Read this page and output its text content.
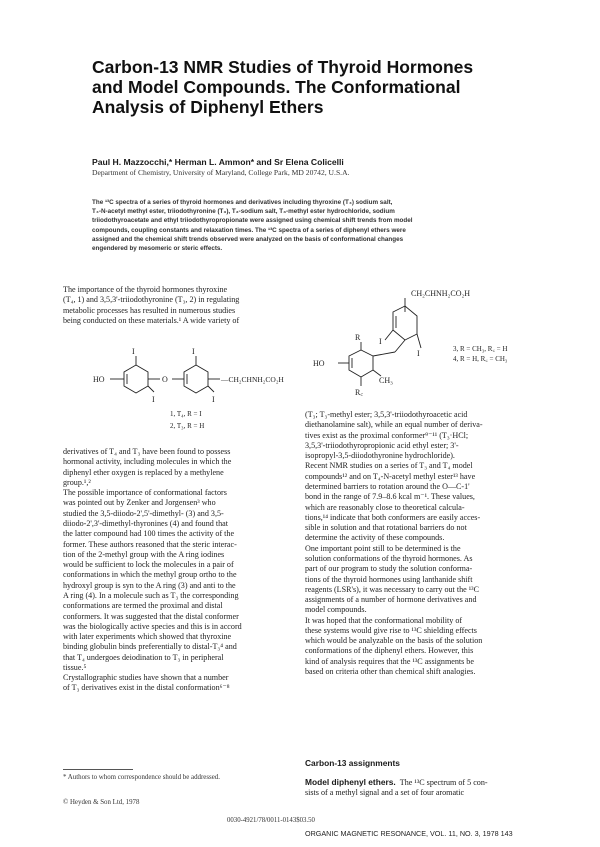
Carbon-13 NMR Studies of Thyroid Hormones
and Model Compounds. The Conformational
Analysis of Diphenyl Ethers
Paul H. Mazzocchi,* Herman L. Ammon* and Sr Elena Colicelli
Department of Chemistry, University of Maryland, College Park, MD 20742, U.S.A.
The ¹³C spectra of a series of thyroid hormones and derivatives including thyroxine (T₄) sodium salt,
T₄-N-acetyl methyl ester, triiodothyronine (T₃), T₃-sodium salt, T₃-methyl ester hydrochloride, sodium
triiodothyroacetate and ethyl triiodothyropropionate were assigned using chemical shift trends from model
compounds, coupling constants and relaxation times. The ¹³C spectra of a series of diphenyl ethers were
assigned and the chemical shift trends observed were analyzed on the basis of conformational changes
engendered by mesomeric or steric effects.
The importance of the thyroid hormones thyroxine
(T₄, 1) and 3,5,3'-triiodothyronine (T₃, 2) in regulating
metabolic processes has resulted in numerous studies
being conducted on these materials.¹ A wide variety of
I	I
I	I
HO	O	—CH₂CHNH₂CO₂H
1, T₄, R = I
2, T₃, R = H
derivatives of T₄ and T₃ have been found to possess
hormonal activity, including molecules in which the
diphenyl ether oxygen is replaced by a methylene
group.¹,²
The possible importance of conformational factors
was pointed out by Zenker and Jorgensen³ who
studied the 3,5-diiodo-2',5'-dimethyl- (3) and 3,5-
diiodo-2',3'-dimethyl-thyronines (4) and found that
the latter compound had 100 times the activity of the
former. These authors reasoned that the steric interac-
tion of the 2-methyl group with the A ring iodines
would be sufficient to lock the molecules in a pair of
conformations in which the methyl group ortho to the
hydroxyl group is syn to the A ring (3) and anti to the
A ring (4). In a molecule such as T₃ the corresponding
conformations are termed the proximal and distal
conformers. It was suggested that the distal conformer
was the biologically active species and this is in accord
with later experiments which showed that thyroxine
binding globulin binds preferentially to distal-T₃⁴ and
that T₄ undergoes deiodination to T₃ in peripheral
tissue.⁵
Crystallographic studies have shown that a number
of T₃ derivatives exist in the distal conformation⁶⁻⁸
CH₂CHNH₂CO₂H
I
I
R
HO
CH₃
R꜀
3, R = CH₃, R꜀ = H
4, R = H, R꜀ = CH₃
(T₃; T₃-methyl ester; 3,5,3'-triiodothyroacetic acid
diethanolamine salt), while an equal number of deriva-
tives exist as the proximal conformer⁹⁻¹¹ (T₃·HCl;
3,5,3'-triiodothyropropionic acid ethyl ester; 3'-
isopropyl-3,5-diiodothyronine hydrochloride).
Recent NMR studies on a series of T₃ and T₄ model
compounds¹² and on T₄-N-acetyl methyl ester¹³ have
determined barriers to rotation around the O—C-1'
bond in the range of 7.9–8.6 kcal m⁻¹. These values,
which are reasonably close to theoretical calcula-
tions,¹⁴ indicate that both conformers are easily acces-
sible in solution and that rotational barriers do not
determine the activity of these compounds.
One important point still to be determined is the
solution conformations of the thyroid hormones. As
part of our program to study the solution conforma-
tions of the thyroid hormones using lanthanide shift
reagents (LSR's), it was necessary to carry out the ¹³C
assignments of a number of hormone derivatives and
model compounds.
It was hoped that the conformational mobility of
these systems would give rise to ¹³C shielding effects
which would be analyzable on the basis of the solution
conformations of the diphenyl ethers. However, this
kind of analysis requires that the ¹³C assignments be
based on criteria other than chemical shift analogies.
Carbon-13 assignments
Model diphenyl ethers. The ¹³C spectrum of 5 con-
sists of a methyl signal and a set of four aromatic
* Authors to whom correspondence should be addressed.
© Heyden & Son Ltd, 1978
0030-4921/78/0011-0143$03.50
ORGANIC MAGNETIC RESONANCE, VOL. 11, NO. 3, 1978 143
